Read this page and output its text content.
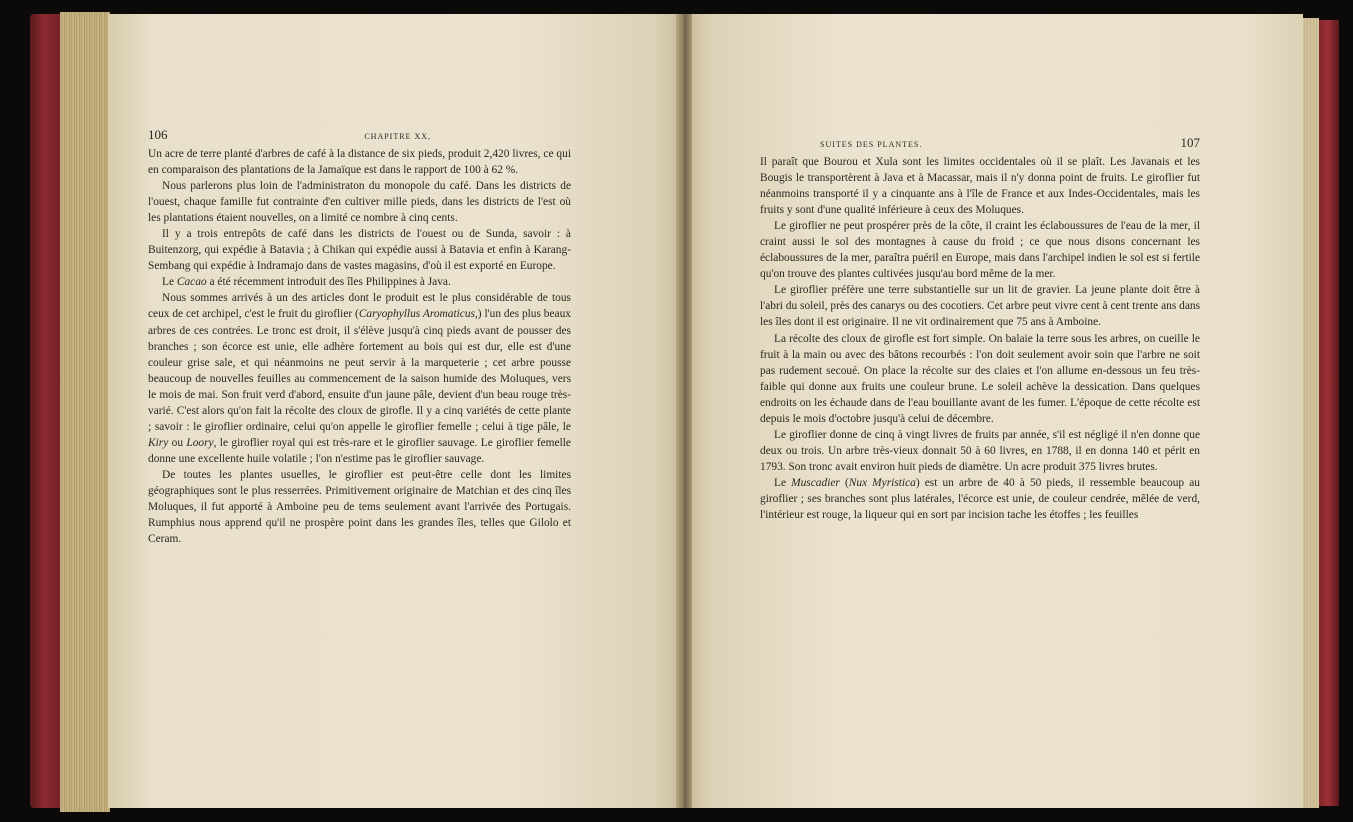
106	CHAPITRE XX,

Un acre de terre planté d'arbres de café à la distance de six pieds, produit 2,420 livres, ce qui en comparaison des plantations de la Jamaïque est dans le rapport de 100 à 62 %.

Nous parlerons plus loin de l'administraton du monopole du café. Dans les districts de l'ouest, chaque famille fut contrainte d'en cultiver mille pieds, dans les districts de l'est où les plantations étaient nouvelles, on a limité ce nombre à cinq cents.

Il y a trois entrepôts de café dans les districts de l'ouest ou de Sunda, savoir : à Buitenzorg, qui expédie à Batavia ; à Chikan qui expédie aussi à Batavia et enfin à Karang-Sembang qui expédie à Indramajo dans de vastes magasins, d'où il est exporté en Europe.

Le Cacao a été récemment introduit des îles Philippines à Java.

Nous sommes arrivés à un des articles dont le produit est le plus considérable de tous ceux de cet archipel, c'est le fruit du giroflier (Caryophyllus Aromaticus,) l'un des plus beaux arbres de ces contrées. Le tronc est droit, il s'élève jusqu'à cinq pieds avant de pousser des branches ; son écorce est unie, elle adhère fortement au bois qui est dur, elle est d'une couleur grise sale, et qui néanmoins ne peut servir à la marqueterie ; cet arbre pousse beaucoup de nouvelles feuilles au commencement de la saison humide des Moluques, vers le mois de mai. Son fruit verd d'abord, ensuite d'un jaune pâle, devient d'un beau rouge très-varié. C'est alors qu'on fait la récolte des cloux de girofle. Il y a cinq variétés de cette plante ; savoir : le giroflier ordinaire, celui qu'on appelle le giroflier femelle ; celui à tige pâle, le Kiry ou Loory, le giroflier royal qui est très-rare et le giroflier sauvage. Le giroflier femelle donne une excellente huile volatile ; l'on n'estime pas le giroflier sauvage.

De toutes les plantes usuelles, le giroflier est peut-être celle dont les limites géographiques sont le plus resserrées. Primitivement originaire de Matchian et des cinq îles Moluques, il fut apporté à Amboine peu de tems seulement avant l'arrivée des Portugais. Rumphius nous apprend qu'il ne prospère point dans les grandes îles, telles que Gilolo et Ceram.

SUITES DES PLANTES.	107

Il paraît que Bourou et Xula sont les limites occidentales où il se plaît. Les Javanais et les Bougis le transportèrent à Java et à Macassar, mais il n'y donna point de fruits. Le giroflier fut néanmoins transporté il y a cinquante ans à l'île de France et aux Indes-Occidentales, mais les fruits y sont d'une qualité inférieure à ceux des Moluques.

Le giroflier ne peut prospérer près de la côte, il craint les éclaboussures de l'eau de la mer, il craint aussi le sol des montagnes à cause du froid ; ce que nous disons concernant les éclaboussures de la mer, paraîtra puéril en Europe, mais dans l'archipel indien le sol est si fertile qu'on trouve des plantes cultivées jusqu'au bord même de la mer.

Le giroflier préfère une terre substantielle sur un lit de gravier. La jeune plante doit être à l'abri du soleil, près des canarys ou des cocotiers. Cet arbre peut vivre cent à cent trente ans dans les îles dont il est originaire. Il ne vit ordinairement que 75 ans à Amboine.

La récolte des cloux de girofle est fort simple. On balaie la terre sous les arbres, on cueille le fruit à la main ou avec des bâtons recourbés : l'on doit seulement avoir soin que l'arbre ne soit pas rudement secoué. On place la récolte sur des claies et l'on allume en-dessous un feu très-faible qui donne aux fruits une couleur brune. Le soleil achève la dessication. Dans quelques endroits on les échaude dans de l'eau bouillante avant de les fumer. L'époque de cette récolte est depuis le mois d'octobre jusqu'à celui de décembre.

Le giroflier donne de cinq à vingt livres de fruits par année, s'il est négligé il n'en donne que deux ou trois. Un arbre très-vieux donnait 50 à 60 livres, en 1788, il en donna 140 et périt en 1793. Son tronc avait environ huit pieds de diamètre. Un acre produit 375 livres brutes.

Le Muscadier (Nux Myristica) est un arbre de 40 à 50 pieds, il ressemble beaucoup au giroflier ; ses branches sont plus latérales, l'écorce est unie, de couleur cendrée, mêlée de verd, l'intérieur est rouge, la liqueur qui en sort par incision tache les étoffes ; les feuilles
